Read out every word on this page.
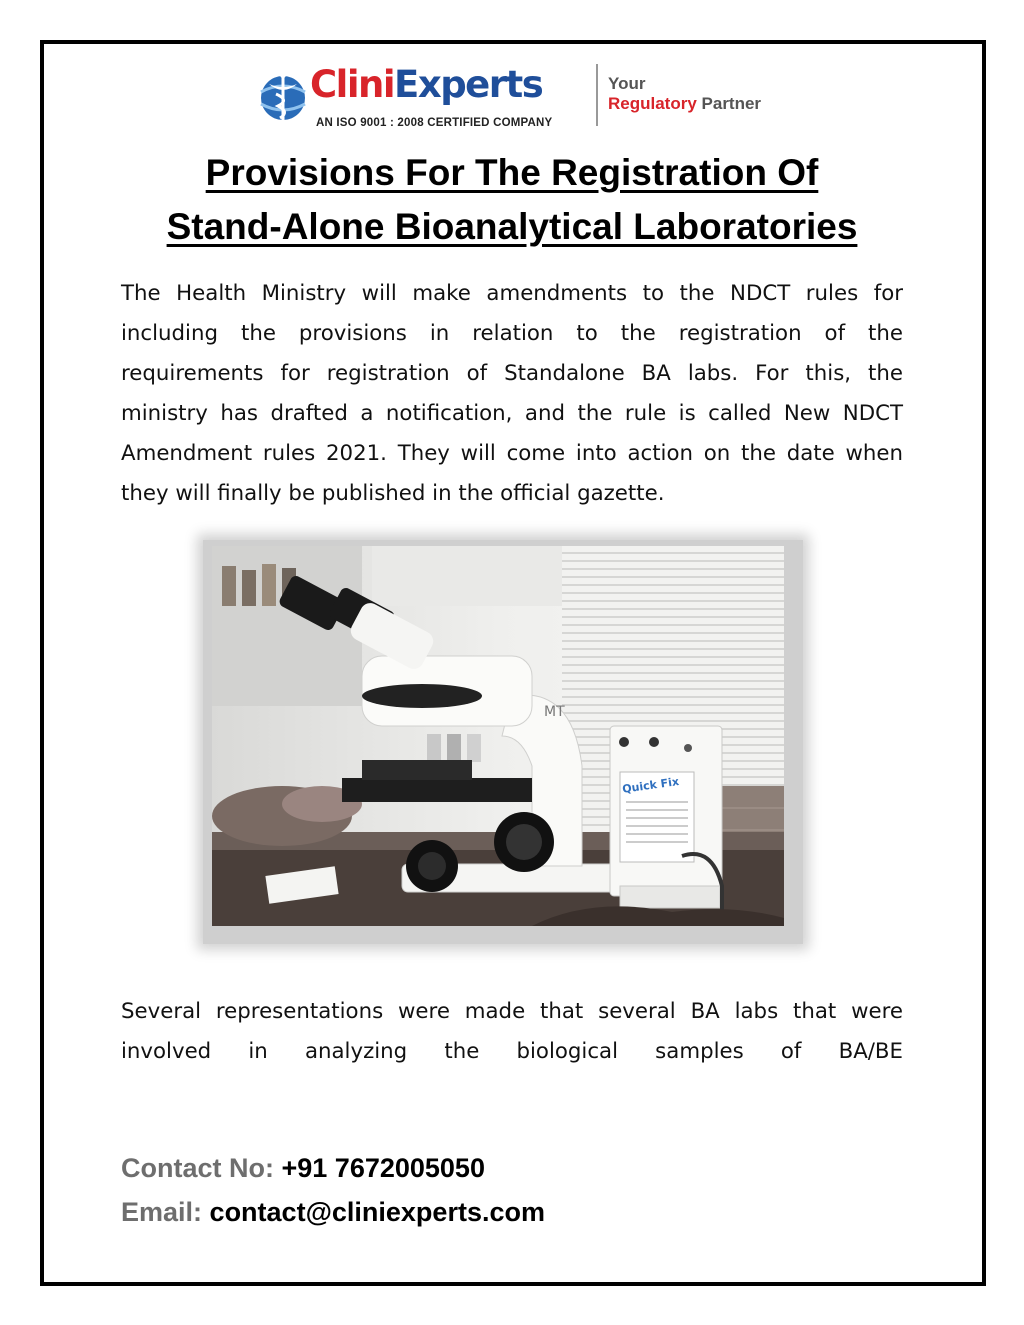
CliniExperts
AN ISO 9001 : 2008 CERTIFIED COMPANY
Your
Regulatory Partner
Provisions For The Registration Of
Stand-Alone Bioanalytical Laboratories

The Health Ministry will make amendments to the NDCT rules for including the provisions in relation to the registration of the requirements for registration of Standalone BA labs. For this, the ministry has drafted a notification, and the rule is called New NDCT Amendment rules 2021. They will come into action on the date when they will finally be published in the official gazette.

MT
Quick Fix

Several representations were made that several BA labs that were involved in analyzing the biological samples of BA/BE

Contact No: +91 7672005050
Email: contact@cliniexperts.com
